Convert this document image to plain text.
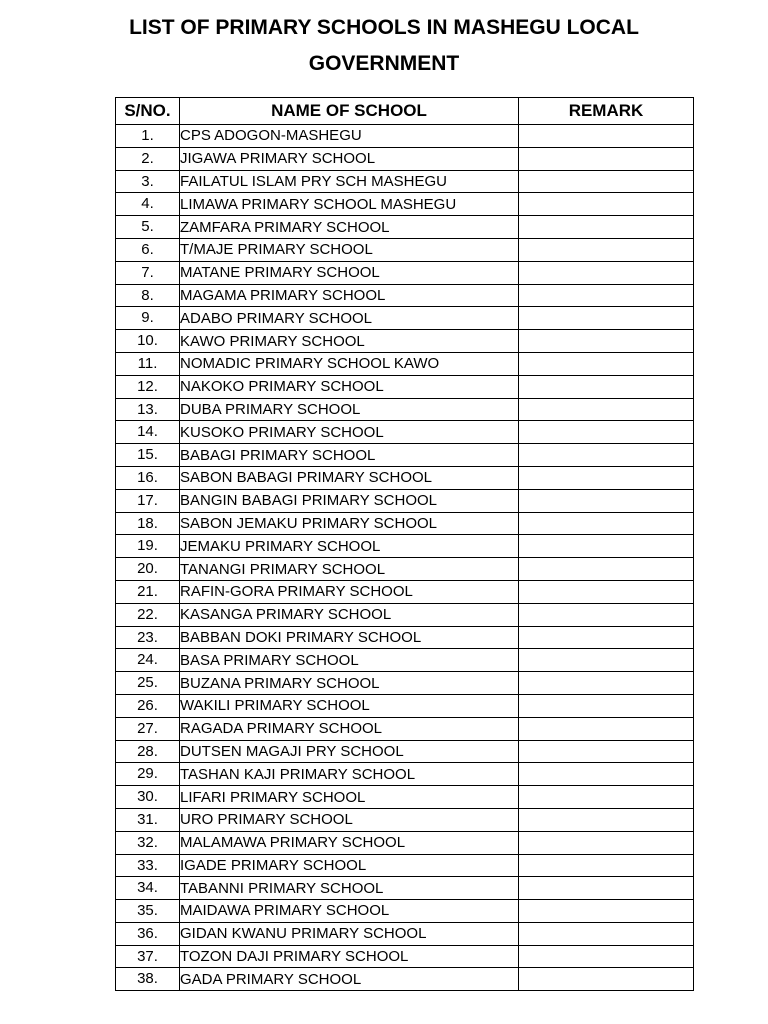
LIST OF PRIMARY SCHOOLS IN MASHEGU LOCAL
GOVERNMENT
S/NO.	NAME OF SCHOOL	REMARK
1.	CPS ADOGON-MASHEGU	
2.	JIGAWA PRIMARY SCHOOL	
3.	FAILATUL ISLAM PRY SCH MASHEGU	
4.	LIMAWA PRIMARY SCHOOL MASHEGU	
5.	ZAMFARA PRIMARY SCHOOL	
6.	T/MAJE PRIMARY SCHOOL	
7.	MATANE PRIMARY SCHOOL	
8.	MAGAMA PRIMARY SCHOOL	
9.	ADABO PRIMARY SCHOOL	
10.	KAWO PRIMARY SCHOOL	
11.	NOMADIC PRIMARY SCHOOL KAWO	
12.	NAKOKO PRIMARY SCHOOL	
13.	DUBA PRIMARY SCHOOL	
14.	KUSOKO PRIMARY SCHOOL	
15.	BABAGI PRIMARY SCHOOL	
16.	SABON BABAGI PRIMARY SCHOOL	
17.	BANGIN BABAGI PRIMARY SCHOOL	
18.	SABON JEMAKU PRIMARY SCHOOL	
19.	JEMAKU PRIMARY SCHOOL	
20.	TANANGI PRIMARY SCHOOL	
21.	RAFIN-GORA PRIMARY SCHOOL	
22.	KASANGA PRIMARY SCHOOL	
23.	BABBAN DOKI PRIMARY SCHOOL	
24.	BASA PRIMARY SCHOOL	
25.	BUZANA PRIMARY SCHOOL	
26.	WAKILI PRIMARY SCHOOL	
27.	RAGADA PRIMARY SCHOOL	
28.	DUTSEN MAGAJI PRY SCHOOL	
29.	TASHAN KAJI PRIMARY SCHOOL	
30.	LIFARI PRIMARY SCHOOL	
31.	URO PRIMARY SCHOOL	
32.	MALAMAWA PRIMARY SCHOOL	
33.	IGADE PRIMARY SCHOOL	
34.	TABANNI PRIMARY SCHOOL	
35.	MAIDAWA PRIMARY SCHOOL	
36.	GIDAN KWANU PRIMARY SCHOOL	
37.	TOZON DAJI PRIMARY SCHOOL	
38.	GADA PRIMARY SCHOOL	
